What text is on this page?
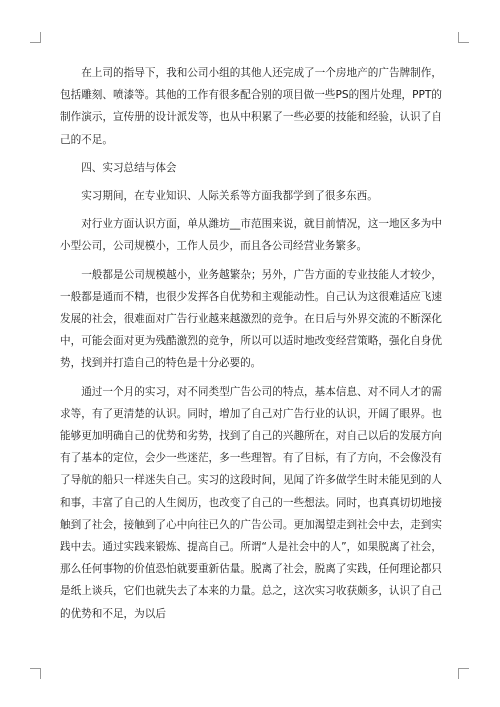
在上司的指导下，我和公司小组的其他人还完成了一个房地产的广告牌制作，包括雕刻、喷漆等。其他的工作有很多配合别的项目做一些PS的图片处理，PPT的制作演示，宣传册的设计派发等，也从中积累了一些必要的技能和经验，认识了自己的不足。

四、实习总结与体会

实习期间，在专业知识、人际关系等方面我都学到了很多东西。

对行业方面认识方面，单从潍坊__市范围来说，就目前情况，这一地区多为中小型公司，公司规模小，工作人员少，而且各公司经营业务繁多。

一般都是公司规模越小，业务越繁杂；另外，广告方面的专业技能人才较少，一般都是通而不精，也很少发挥各自优势和主观能动性。自己认为这很难适应飞速发展的社会，很难面对广告行业越来越激烈的竞争。在日后与外界交流的不断深化中，可能会面对更为残酷激烈的竞争，所以可以适时地改变经营策略，强化自身优势，找到并打造自己的特色是十分必要的。

通过一个月的实习，对不同类型广告公司的特点，基本信息、对不同人才的需求等，有了更清楚的认识。同时，增加了自己对广告行业的认识，开阔了眼界。也能够更加明确自己的优势和劣势，找到了自己的兴趣所在，对自己以后的发展方向有了基本的定位，会少一些迷茫，多一些理智。有了目标，有了方向，不会像没有了导航的船只一样迷失自己。实习的这段时间，见闻了许多做学生时未能见到的人和事，丰富了自己的人生阅历，也改变了自己的一些想法。同时，也真真切切地接触到了社会，接触到了心中向往已久的广告公司。更加渴望走到社会中去，走到实践中去。通过实践来锻炼、提高自己。所谓“人是社会中的人”，如果脱离了社会，那么任何事物的价值恐怕就要重新估量。脱离了社会，脱离了实践，任何理论都只是纸上谈兵，它们也就失去了本来的力量。总之，这次实习收获颇多，认识了自己的优势和不足，为以后
